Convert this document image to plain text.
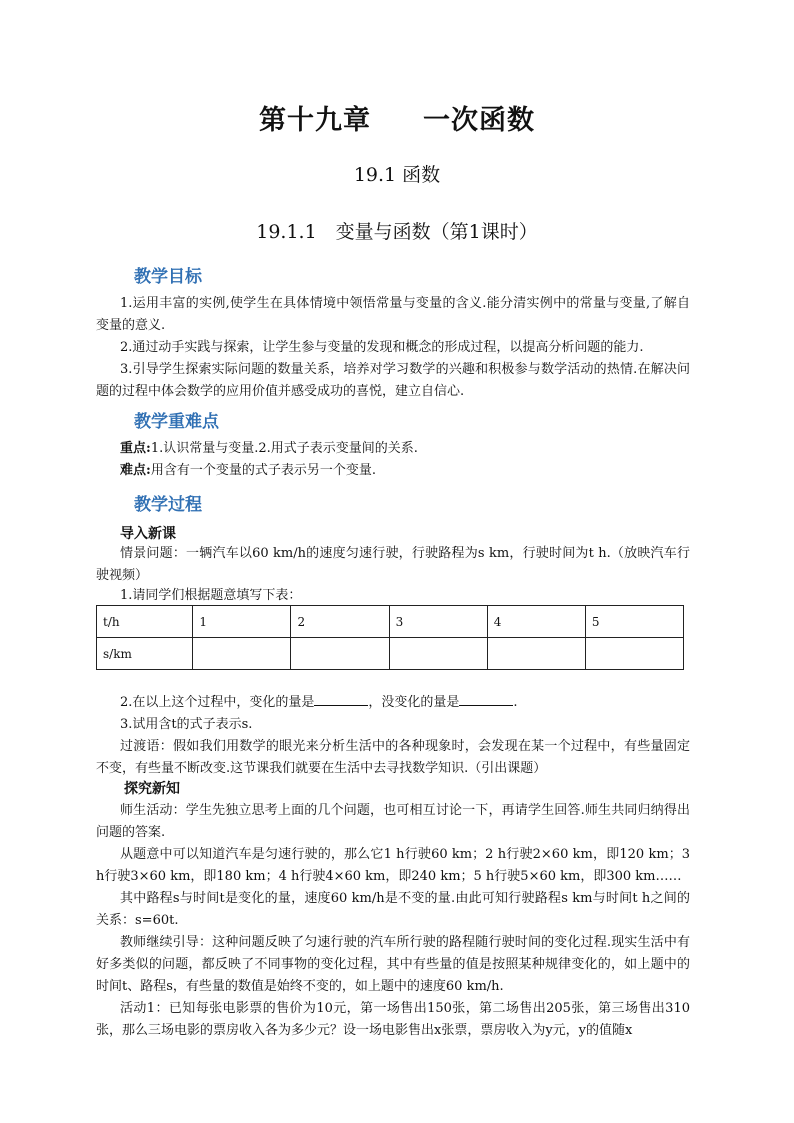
第十九章 一次函数
19.1 函数
19.1.1　变量与函数（第1课时）
教学目标
1.运用丰富的实例,使学生在具体情境中领悟常量与变量的含义.能分清实例中的常量与变量,了解自变量的意义.
2.通过动手实践与探索，让学生参与变量的发现和概念的形成过程，以提高分析问题的能力.
3.引导学生探索实际问题的数量关系，培养对学习数学的兴趣和积极参与数学活动的热情.在解决问题的过程中体会数学的应用价值并感受成功的喜悦，建立自信心.
教学重难点
重点:1.认识常量与变量.2.用式子表示变量间的关系.
难点:用含有一个变量的式子表示另一个变量.
教学过程
导入新课
情景问题：一辆汽车以60 km/h的速度匀速行驶，行驶路程为s km，行驶时间为t h.（放映汽车行驶视频）
1.请同学们根据题意填写下表：
t/h	1	2	3	4	5
s/km					
2.在以上这个过程中，变化的量是	，没变化的量是	.
3.试用含t的式子表示s.
过渡语：假如我们用数学的眼光来分析生活中的各种现象时，会发现在某一个过程中，有些量固定不变，有些量不断改变.这节课我们就要在生活中去寻找数学知识.（引出课题）
探究新知
师生活动：学生先独立思考上面的几个问题，也可相互讨论一下，再请学生回答.师生共同归纳得出问题的答案.
从题意中可以知道汽车是匀速行驶的，那么它1 h行驶60 km；2 h行驶2×60 km，即120 km；3 h行驶3×60 km，即180 km；4 h行驶4×60 km，即240 km；5 h行驶5×60 km，即300 km……
其中路程s与时间t是变化的量，速度60 km/h是不变的量.由此可知行驶路程s km与时间t h之间的关系：s=60t.
教师继续引导：这种问题反映了匀速行驶的汽车所行驶的路程随行驶时间的变化过程.现实生活中有好多类似的问题，都反映了不同事物的变化过程，其中有些量的值是按照某种规律变化的，如上题中的时间t、路程s，有些量的数值是始终不变的，如上题中的速度60 km/h.
活动1：已知每张电影票的售价为10元，第一场售出150张，第二场售出205张，第三场售出310张，那么三场电影的票房收入各为多少元？设一场电影售出x张票，票房收入为y元，y的值随x
